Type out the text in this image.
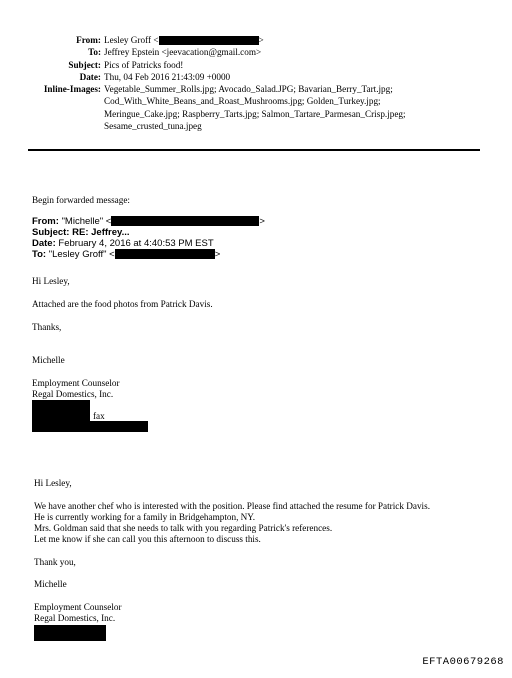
From: Lesley Groff <	>
To: Jeffrey Epstein <jeevacation@gmail.com>
Subject: Pics of Patricks food!
Date: Thu, 04 Feb 2016 21:43:09 +0000
Inline-Images: Vegetable_Summer_Rolls.jpg; Avocado_Salad.JPG; Bavarian_Berry_Tart.jpg;
Cod_With_White_Beans_and_Roast_Mushrooms.jpg; Golden_Turkey.jpg;
Meringue_Cake.jpg; Raspberry_Tarts.jpg; Salmon_Tartare_Parmesan_Crisp.jpeg;
Sesame_crusted_tuna.jpeg
Begin forwarded message:
From: "Michelle" <	>
Subject: RE: Jeffrey...
Date: February 4, 2016 at 4:40:53 PM EST
To: "Lesley Groff" <	>
Hi Lesley,
Attached are the food photos from Patrick Davis.
Thanks,
Michelle
Employment Counselor
Regal Domestics, Inc.
fax
Hi Lesley,
We have another chef who is interested with the position. Please find attached the resume for Patrick Davis.
He is currently working for a family in Bridgehampton, NY.
Mrs. Goldman said that she needs to talk with you regarding Patrick's references.
Let me know if she can call you this afternoon to discuss this.
Thank you,
Michelle
Employment Counselor
Regal Domestics, Inc.
EFTA00679268
